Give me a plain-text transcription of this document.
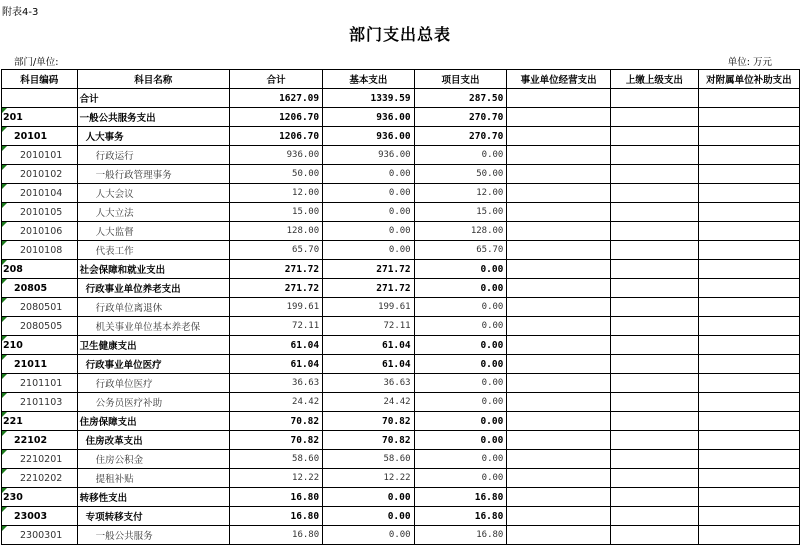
附表4-3
部门支出总表
部门/单位:	单位: 万元
科目编码	科目名称	合计	基本支出	项目支出	事业单位经营支出	上缴上级支出	对附属单位补助支出
	合计	1627.09	1339.59	287.50			

201	一般公共服务支出	1206.70	936.00	270.70			

20101	人大事务	1206.70	936.00	270.70			

2010101	行政运行	936.00	936.00	0.00			

2010102	一般行政管理事务	50.00	0.00	50.00			

2010104	人大会议	12.00	0.00	12.00			

2010105	人大立法	15.00	0.00	15.00			

2010106	人大监督	128.00	0.00	128.00			

2010108	代表工作	65.70	0.00	65.70			

208	社会保障和就业支出	271.72	271.72	0.00			

20805	行政事业单位养老支出	271.72	271.72	0.00			

2080501	行政单位离退休	199.61	199.61	0.00			

2080505	机关事业单位基本养老保	72.11	72.11	0.00			

210	卫生健康支出	61.04	61.04	0.00			

21011	行政事业单位医疗	61.04	61.04	0.00			

2101101	行政单位医疗	36.63	36.63	0.00			

2101103	公务员医疗补助	24.42	24.42	0.00			

221	住房保障支出	70.82	70.82	0.00			

22102	住房改革支出	70.82	70.82	0.00			

2210201	住房公积金	58.60	58.60	0.00			

2210202	提租补贴	12.22	12.22	0.00			

230	转移性支出	16.80	0.00	16.80			

23003	专项转移支付	16.80	0.00	16.80			

2300301	一般公共服务	16.80	0.00	16.80			
